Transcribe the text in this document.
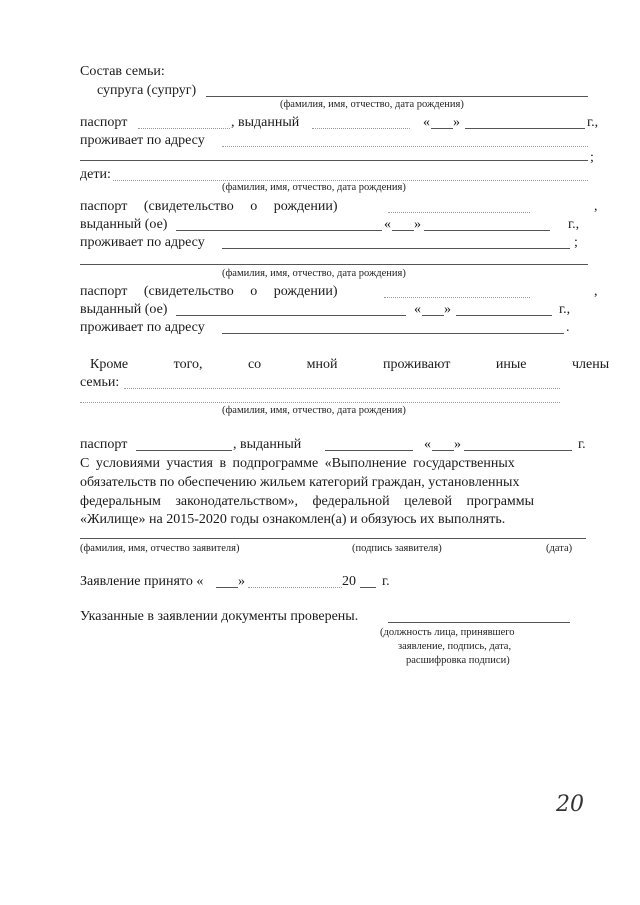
Состав семьи:
супруга (супруг)
(фамилия, имя, отчество, дата рождения)
паспорт	, выданный	« »	г.,
проживает по адресу
;
дети:
(фамилия, имя, отчество, дата рождения)
паспорт (свидетельство о рождении)	,
выданный (ое)	« »	г.,
проживает по адресу	;
(фамилия, имя, отчество, дата рождения)
паспорт (свидетельство о рождении)	,
выданный (ое)	« »	г.,
проживает по адресу	.
Кроме того, со мной проживают иные члены
семьи:
(фамилия, имя, отчество, дата рождения)
паспорт	, выданный	« »	г.
С условиями участия в подпрограмме «Выполнение государственных
обязательств по обеспечению жильем категорий граждан, установленных
федеральным законодательством», федеральной целевой программы
«Жилище» на 2015-2020 годы ознакомлен(а) и обязуюсь их выполнять.
(фамилия, имя, отчество заявителя)	(подпись заявителя)	(дата)
Заявление принято « »	20 г.
Указанные в заявлении документы проверены.
(должность лица, принявшего
заявление, подпись, дата,
расшифровка подписи)
20
